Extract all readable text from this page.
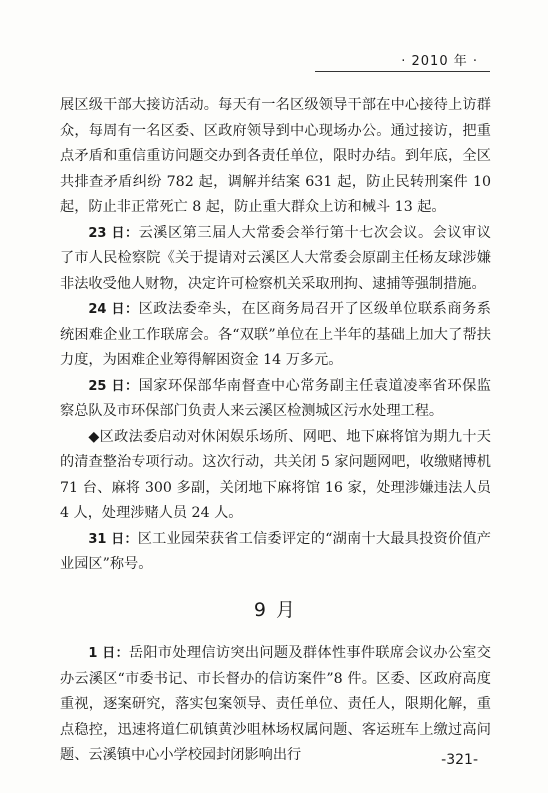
· 2010 年 ·

展区级干部大接访活动。每天有一名区级领导干部在中心接待上访群众，每周有一名区委、区政府领导到中心现场办公。通过接访，把重点矛盾和重信重访问题交办到各责任单位，限时办结。到年底，全区共排查矛盾纠纷 782 起，调解并结案 631 起，防止民转刑案件 10 起，防止非正常死亡 8 起，防止重大群众上访和械斗 13 起。

23 日：云溪区第三届人大常委会举行第十七次会议。会议审议了市人民检察院《关于提请对云溪区人大常委会原副主任杨友球涉嫌非法收受他人财物，决定许可检察机关采取刑拘、逮捕等强制措施。

24 日：区政法委牵头，在区商务局召开了区级单位联系商务系统困难企业工作联席会。各“双联”单位在上半年的基础上加大了帮扶力度，为困难企业筹得解困资金 14 万多元。

25 日：国家环保部华南督查中心常务副主任袁道凌率省环保监察总队及市环保部门负责人来云溪区检测城区污水处理工程。

◆区政法委启动对休闲娱乐场所、网吧、地下麻将馆为期九十天的清查整治专项行动。这次行动，共关闭 5 家问题网吧，收缴赌博机 71 台、麻将 300 多副，关闭地下麻将馆 16 家，处理涉嫌违法人员 4 人，处理涉赌人员 24 人。

31 日：区工业园荣获省工信委评定的“湖南十大最具投资价值产业园区”称号。

9 月

1 日：岳阳市处理信访突出问题及群体性事件联席会议办公室交办云溪区“市委书记、市长督办的信访案件”8 件。区委、区政府高度重视，逐案研究，落实包案领导、责任单位、责任人，限期化解，重点稳控，迅速将道仁矶镇黄沙咀林场权属问题、客运班车上缴过高问题、云溪镇中心小学校园封闭影响出行	-321-
